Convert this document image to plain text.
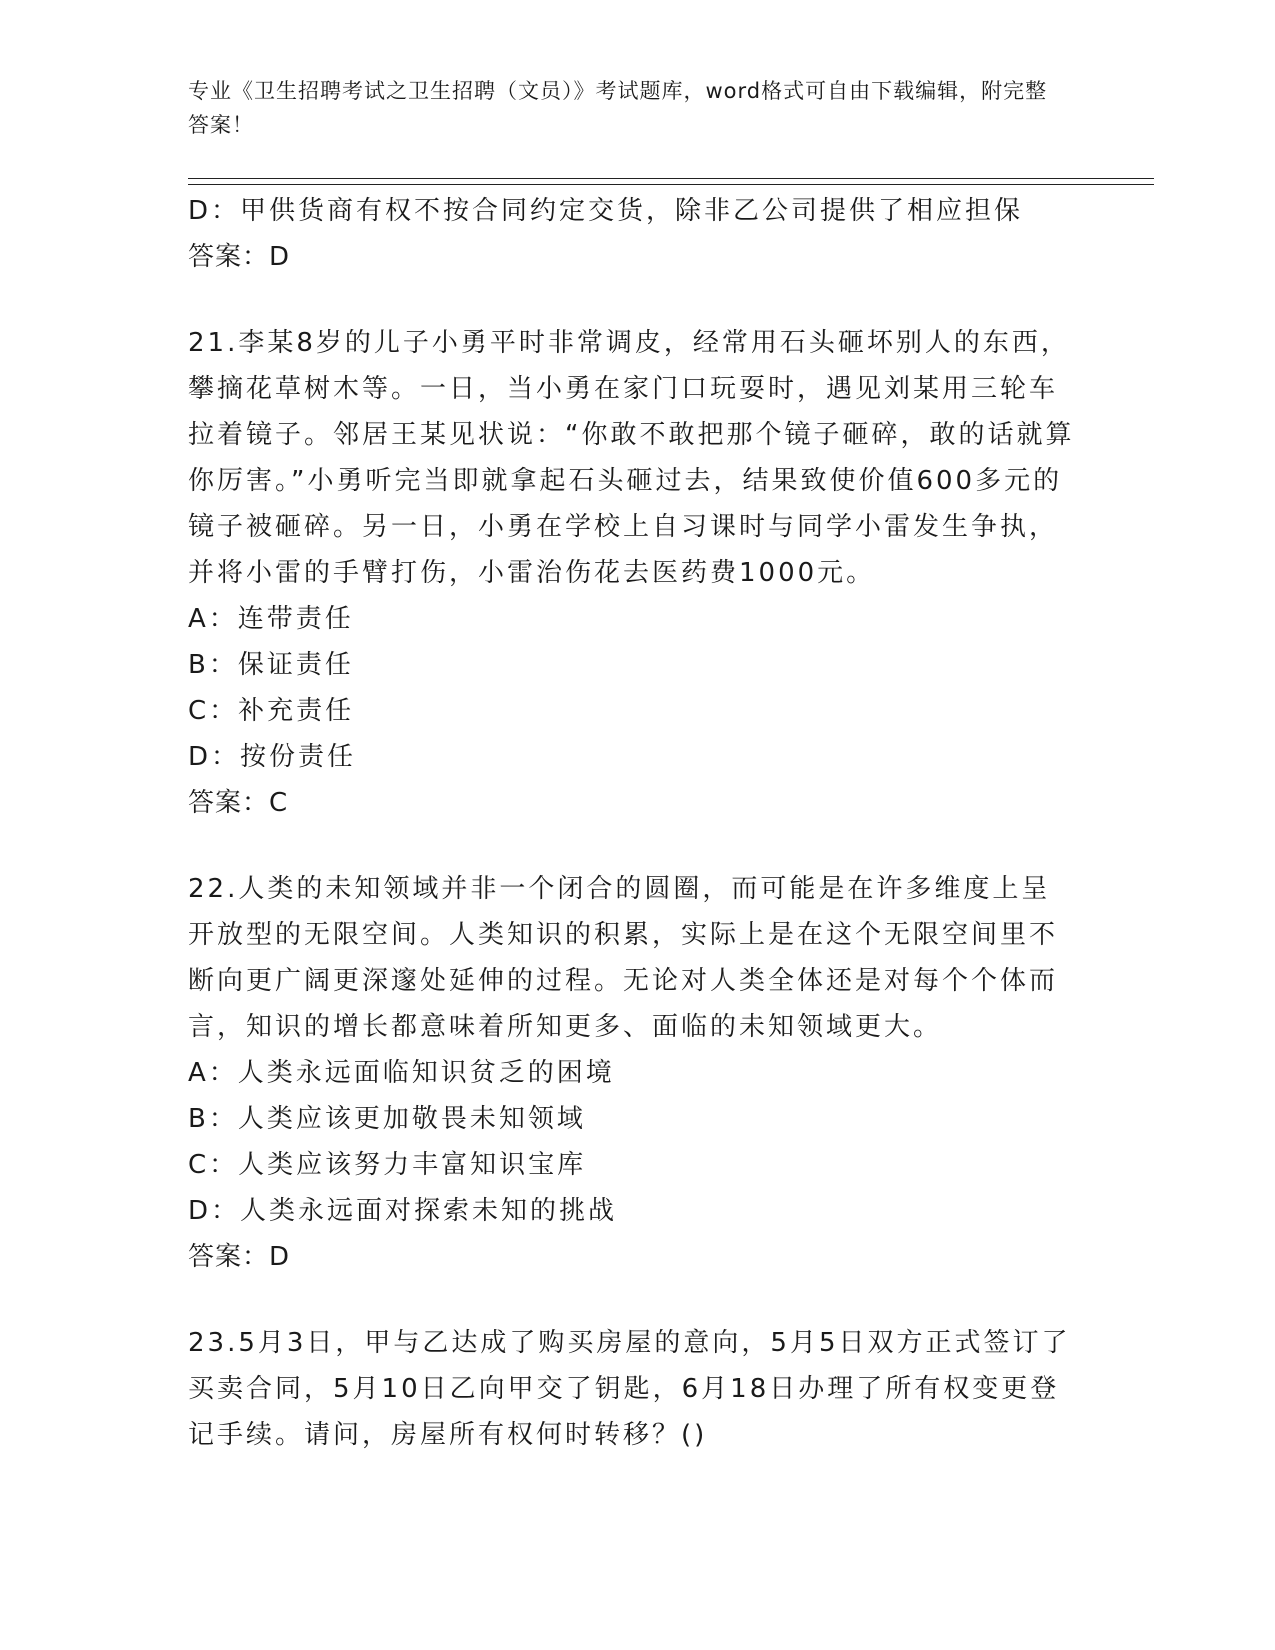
专业《卫生招聘考试之卫生招聘（文员）》考试题库，word格式可自由下载编辑，附完整答案！
D：甲供货商有权不按合同约定交货，除非乙公司提供了相应担保
答案：D
21.李某8岁的儿子小勇平时非常调皮，经常用石头砸坏别人的东西，攀摘花草树木等。一日，当小勇在家门口玩耍时，遇见刘某用三轮车拉着镜子。邻居王某见状说：“你敢不敢把那个镜子砸碎，敢的话就算你厉害。”小勇听完当即就拿起石头砸过去，结果致使价值600多元的镜子被砸碎。另一日，小勇在学校上自习课时与同学小雷发生争执，并将小雷的手臂打伤，小雷治伤花去医药费1000元。
A：连带责任
B：保证责任
C：补充责任
D：按份责任
答案：C
22.人类的未知领域并非一个闭合的圆圈，而可能是在许多维度上呈开放型的无限空间。人类知识的积累，实际上是在这个无限空间里不断向更广阔更深邃处延伸的过程。无论对人类全体还是对每个个体而言，知识的增长都意味着所知更多、面临的未知领域更大。
A：人类永远面临知识贫乏的困境
B：人类应该更加敬畏未知领域
C：人类应该努力丰富知识宝库
D：人类永远面对探索未知的挑战
答案：D
23.5月3日，甲与乙达成了购买房屋的意向，5月5日双方正式签订了买卖合同，5月10日乙向甲交了钥匙，6月18日办理了所有权变更登记手续。请问，房屋所有权何时转移？()
